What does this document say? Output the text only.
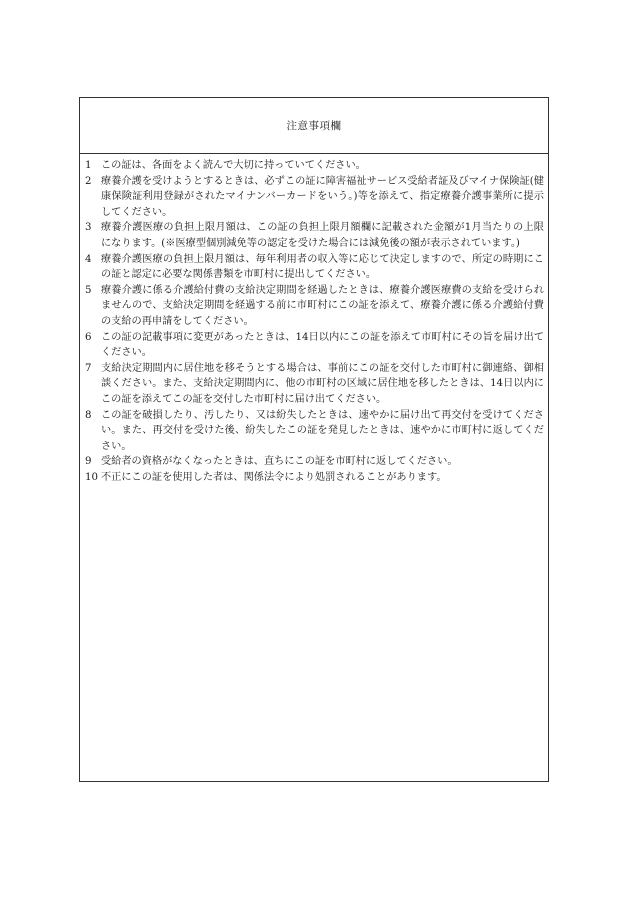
注意事項欄
1 この証は、各面をよく読んで大切に持っていてください。
2 療養介護を受けようとするときは、必ずこの証に障害福祉サービス受給者証及びマイナ保険証(健康保険証利用登録がされたマイナンバーカードをいう。)等を添えて、指定療養介護事業所に提示してください。
3 療養介護医療の負担上限月額は、この証の負担上限月額欄に記載された金額が1月当たりの上限になります。(※医療型個別減免等の認定を受けた場合には減免後の額が表示されています。)
4 療養介護医療の負担上限月額は、毎年利用者の収入等に応じて決定しますので、所定の時期にこの証と認定に必要な関係書類を市町村に提出してください。
5 療養介護に係る介護給付費の支給決定期間を経過したときは、療養介護医療費の支給を受けられませんので、支給決定期間を経過する前に市町村にこの証を添えて、療養介護に係る介護給付費の支給の再申請をしてください。
6 この証の記載事項に変更があったときは、14日以内にこの証を添えて市町村にその旨を届け出てください。
7 支給決定期間内に居住地を移そうとする場合は、事前にこの証を交付した市町村に御連絡、御相談ください。また、支給決定期間内に、他の市町村の区域に居住地を移したときは、14日以内にこの証を添えてこの証を交付した市町村に届け出てください。
8 この証を破損したり、汚したり、又は紛失したときは、速やかに届け出て再交付を受けてください。また、再交付を受けた後、紛失したこの証を発見したときは、速やかに市町村に返してください。
9 受給者の資格がなくなったときは、直ちにこの証を市町村に返してください。
10 不正にこの証を使用した者は、関係法令により処罰されることがあります。
